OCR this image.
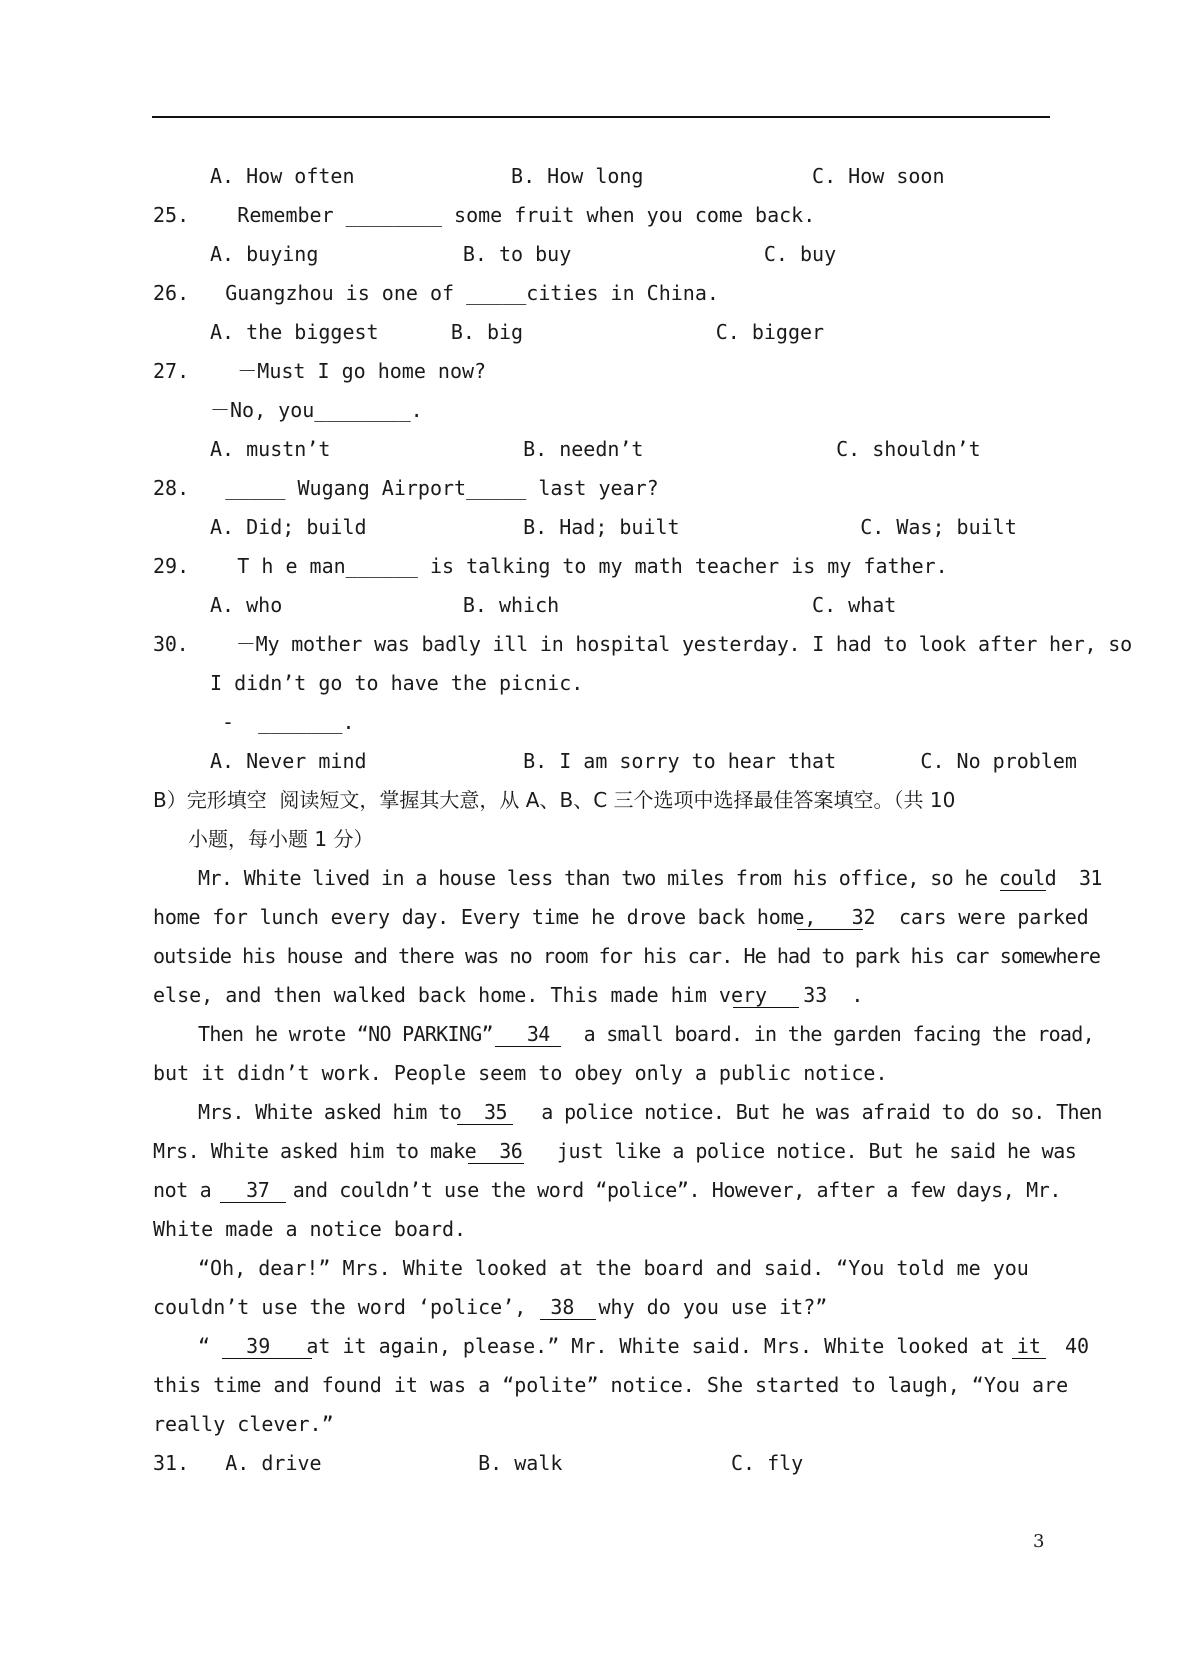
A. How often             B. How long              C. How soon
25.    Remember ________ some fruit when you come back.
A. buying            B. to buy                C. buy
26.   Guangzhou is one of _____cities in China.
A. the biggest      B. big                C. bigger
27.    －Must I go home now?
－No, you________.
A. mustn’t                B. needn’t                C. shouldn’t
28.   _____ Wugang Airport_____ last year?
A. Did; build             B. Had; built               C. Was; built
29.    T h e man______ is talking to my math teacher is my father.
A. who               B. which                     C. what
30.    －My mother was badly ill in hospital yesterday. I had to look after her, so
I didn’t go to have the picnic.
-  _______.
A. Never mind             B. I am sorry to hear that       C. No problem
B）完形填空  阅读短文，掌握其大意，从 A、B、C 三个选项中选择最佳答案填空。（共 10
小题，每小题 1 分）
Mr. White lived in a house less than two miles from his office, so he could  31
home for lunch every day. Every time he drove back home,   32  cars were parked
outside his house and there was no room for his car. He had to park his car somewhere
else, and then walked back home. This made him very   33  .
Then he wrote “NO PARKING”   34   a small board. in the garden facing the road,
but it didn’t work. People seem to obey only a public notice.
Mrs. White asked him to  35   a police notice. But he was afraid to do so. Then
Mrs. White asked him to make  36   just like a police notice. But he said he was
not a   37  and couldn’t use the word “police”. However, after a few days, Mr.
White made a notice board.
“Oh, dear!” Mrs. White looked at the board and said. “You told me you
couldn’t use the word ‘police’,  38  why do you use it?”
“   39   at it again, please.” Mr. White said. Mrs. White looked at it  40
this time and found it was a “polite” notice. She started to laugh, “You are
really clever.”
31.   A. drive             B. walk              C. fly
3
